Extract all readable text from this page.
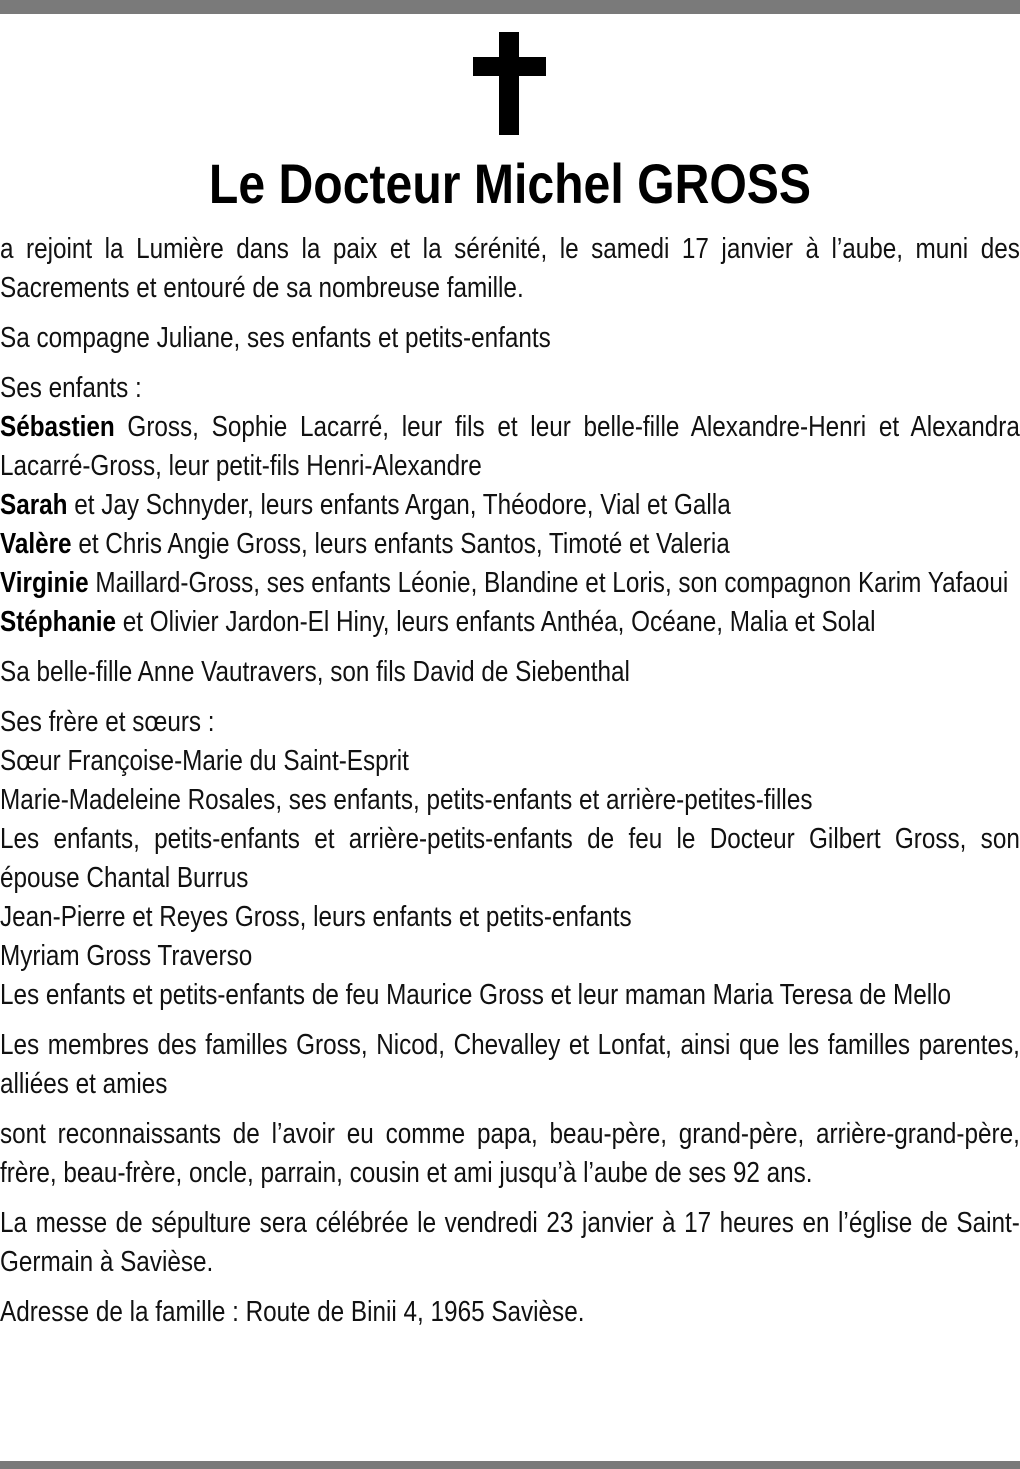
Le Docteur Michel GROSS

a rejoint la Lumière dans la paix et la sérénité, le samedi 17 janvier à l’aube, muni des Sacrements et entouré de sa nombreuse famille.

Sa compagne Juliane, ses enfants et petits-enfants

Ses enfants :

Sébastien Gross, Sophie Lacarré, leur fils et leur belle-fille Alexandre-Henri et Alexandra Lacarré-Gross, leur petit-fils Henri-Alexandre

Sarah et Jay Schnyder, leurs enfants Argan, Théodore, Vial et Galla

Valère et Chris Angie Gross, leurs enfants Santos, Timoté et Valeria

Virginie Maillard-Gross, ses enfants Léonie, Blandine et Loris, son compagnon Karim Yafaoui

Stéphanie et Olivier Jardon-El Hiny, leurs enfants Anthéa, Océane, Malia et Solal

Sa belle-fille Anne Vautravers, son fils David de Siebenthal

Ses frère et sœurs :

Sœur Françoise-Marie du Saint-Esprit

Marie-Madeleine Rosales, ses enfants, petits-enfants et arrière-petites-filles

Les enfants, petits-enfants et arrière-petits-enfants de feu le Docteur Gilbert Gross, son épouse Chantal Burrus

Jean-Pierre et Reyes Gross, leurs enfants et petits-enfants

Myriam Gross Traverso

Les enfants et petits-enfants de feu Maurice Gross et leur maman Maria Teresa de Mello

Les membres des familles Gross, Nicod, Chevalley et Lonfat, ainsi que les familles parentes, alliées et amies

sont reconnaissants de l’avoir eu comme papa, beau-père, grand-père, arrière-grand-père, frère, beau-frère, oncle, parrain, cousin et ami jusqu’à l’aube de ses 92 ans.

La messe de sépulture sera célébrée le vendredi 23 janvier à 17 heures en l’église de Saint-Germain à Savièse.

Adresse de la famille : Route de Binii 4, 1965 Savièse.
